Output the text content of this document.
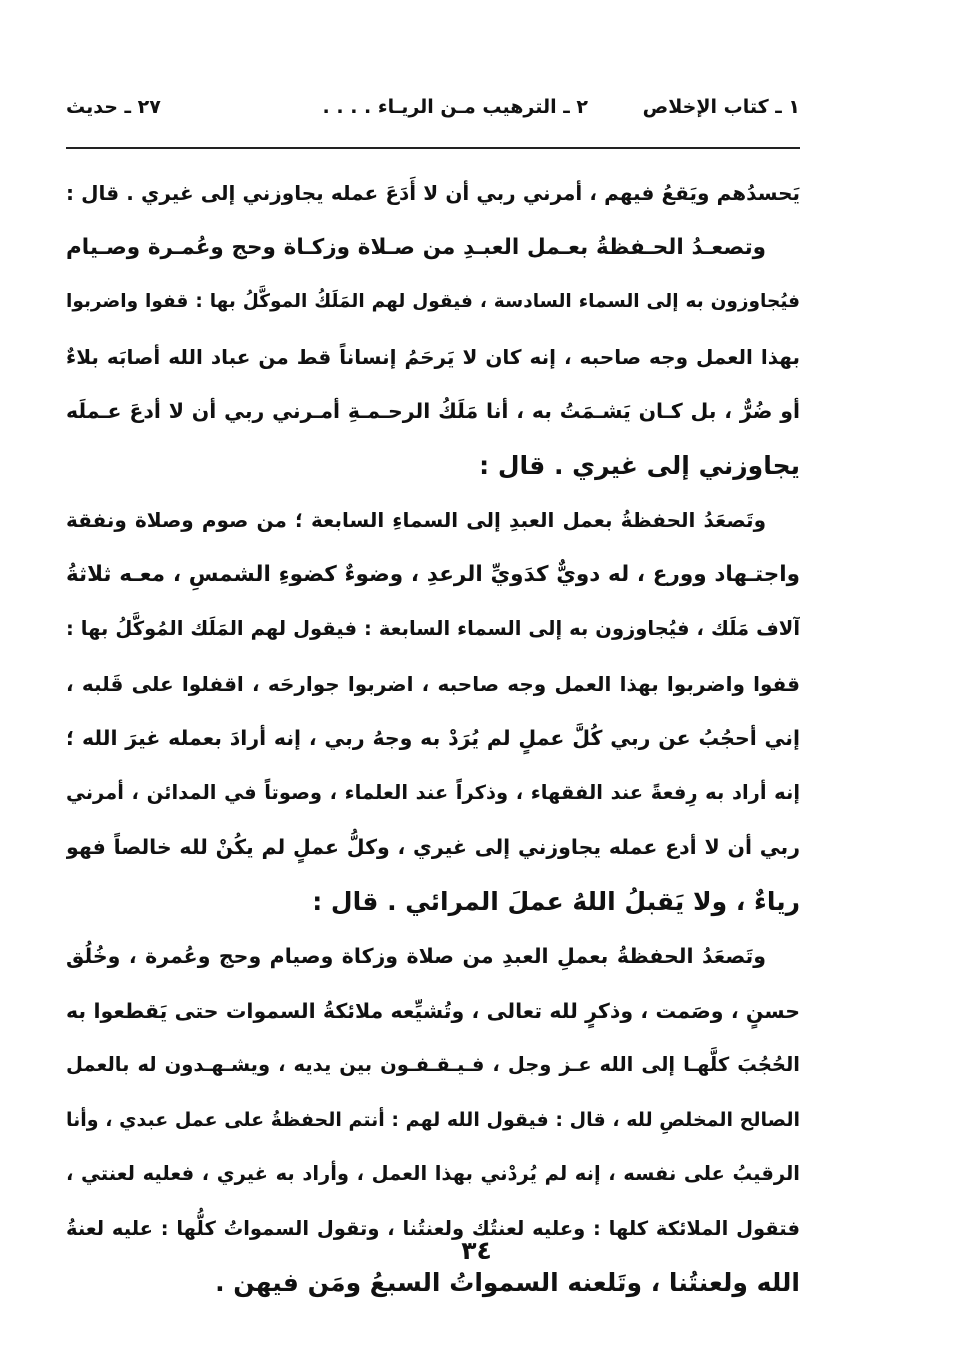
١ ـ كتاب الإخلاص
٢ ـ الترهيب مـن الريـاء . . . .
٢٧ ـ حديث
يَحسدُهم ويَقعُ فيهم ، أمرني ربي أن لا أَدَعَ عمله يجاوزني إلى غيري . قال :
وتصعـدُ الحـفظةُ بعـمل العبـدِ من صـلاة وزكـاة وحج وعُمـرة وصـيام
فيُجاوزون به إلى السماء السادسة ، فيقول لهم المَلَكُ الموكَّلُ بها : قفوا واضربوا
بهذا العمل وجه صاحبه ، إنه كان لا يَرحَمُ إنساناً قط من عباد الله أصابَه بلاءٌ
أو ضُرٌّ ، بل كـان يَشـمَتُ به ، أنا مَلَكُ الرحـمـةِ أمـرني ربي أن لا أدعَ عـملَه
يجاوزني إلى غيري . قال :
وتَصعَدُ الحفظةُ بعمل العبدِ إلى السماءِ السابعة ؛ من صوم وصلاة ونفقة
واجتـهاد وورع ، له دويٌّ كدَويِّ الرعدِ ، وضوءٌ كضوءِ الشمسِ ، معـه ثلاثةُ
آلاف مَلَك ، فيُجاوزون به إلى السماء السابعة : فيقول لهم المَلَك المُوكَّلُ بها :
قفوا واضربوا بهذا العمل وجه صاحبه ، اضربوا جوارحَه ، اقفلوا على قَلبه ،
إني أحجُبُ عن ربي كُلَّ عملٍ لم يُرَدْ به وجهُ ربي ، إنه أرادَ بعمله غيرَ الله ؛
إنه أراد به رِفعةً عند الفقهاء ، وذكراً عند العلماء ، وصوتاً في المدائن ، أمرني
ربي أن لا أدع عمله يجاوزني إلى غيري ، وكلُّ عملٍ لم يكُنْ لله خالصاً فهو
رياءٌ ، ولا يَقبلُ اللهُ عملَ المرائي . قال :
وتَصعَدُ الحفظةُ بعملِ العبدِ من صلاة وزكاة وصيام وحج وعُمرة ، وخُلُق
حسنٍ ، وصَمت ، وذكرٍ لله تعالى ، وتُشيِّعه ملائكةُ السموات حتى يَقطعوا به
الحُجُبَ كلَّهـا إلى الله عـز وجل ، فـيـقـفـون بين يديه ، ويشـهـدون له بالعمل
الصالح المخلصِ لله ، قال : فيقول الله لهم : أنتم الحفظةُ على عمل عبدي ، وأنا
الرقيبُ على نفسه ، إنه لم يُردْني بهذا العمل ، وأراد به غيري ، فعليه لعنتي ،
فتقول الملائكة كلها : وعليه لعنتُك ولعنتُنا ، وتقول السمواتُ كلُّها : عليه لعنةُ
الله ولعنتُنا ، وتَلعنه السمواتُ السبعُ ومَن فيهن .
٣٤
